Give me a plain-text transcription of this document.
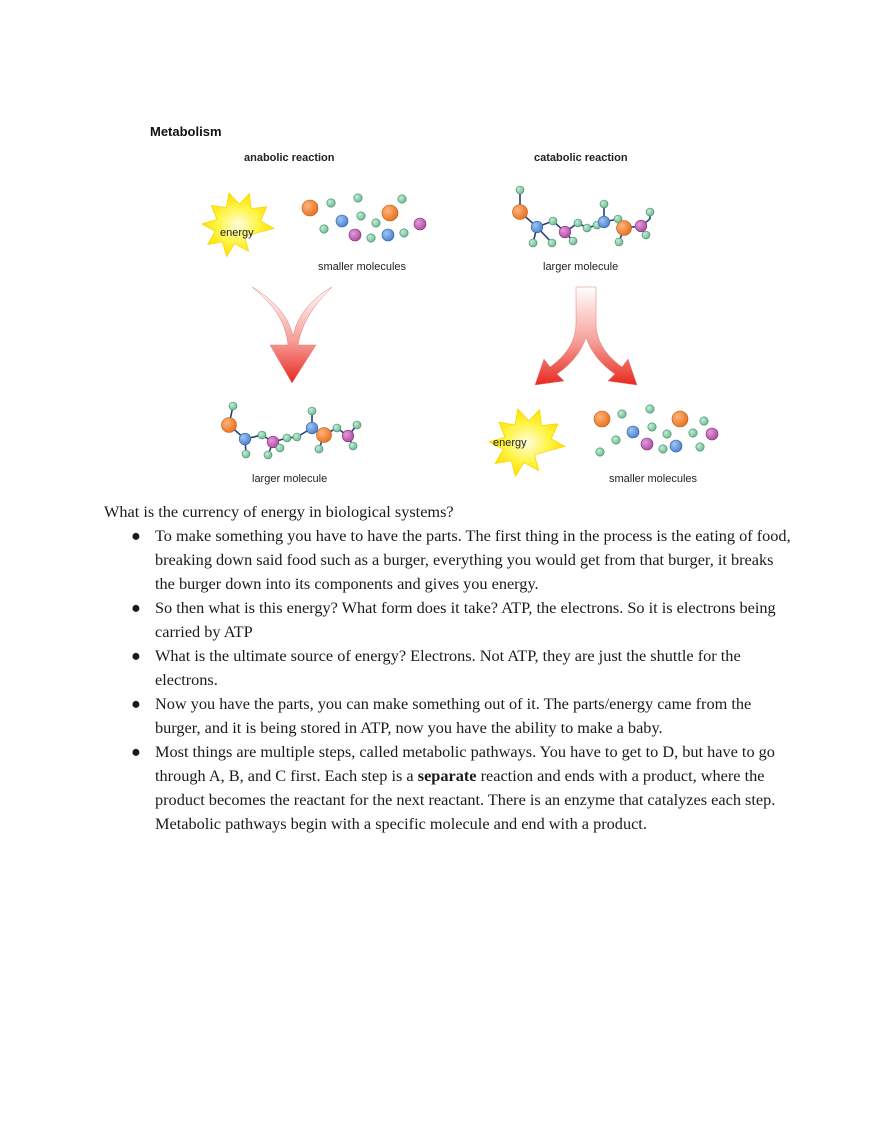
Metabolism
anabolic reaction	catabolic reaction
energy
smaller molecules	larger molecule
larger molecule
energy
smaller molecules

What is the currency of energy in biological systems?

● To make something you have to have the parts. The first thing in the process is the eating of food, breaking down said food such as a burger, everything you would get from that burger, it breaks the burger down into its components and gives you energy.
● So then what is this energy? What form does it take? ATP, the electrons. So it is electrons being carried by ATP
● What is the ultimate source of energy? Electrons. Not ATP, they are just the shuttle for the electrons.
● Now you have the parts, you can make something out of it. The parts/energy came from the burger, and it is being stored in ATP, now you have the ability to make a baby.
● Most things are multiple steps, called metabolic pathways. You have to get to D, but have to go through A, B, and C first. Each step is a separate reaction and ends with a product, where the product becomes the reactant for the next reactant. There is an enzyme that catalyzes each step. Metabolic pathways begin with a specific molecule and end with a product.
